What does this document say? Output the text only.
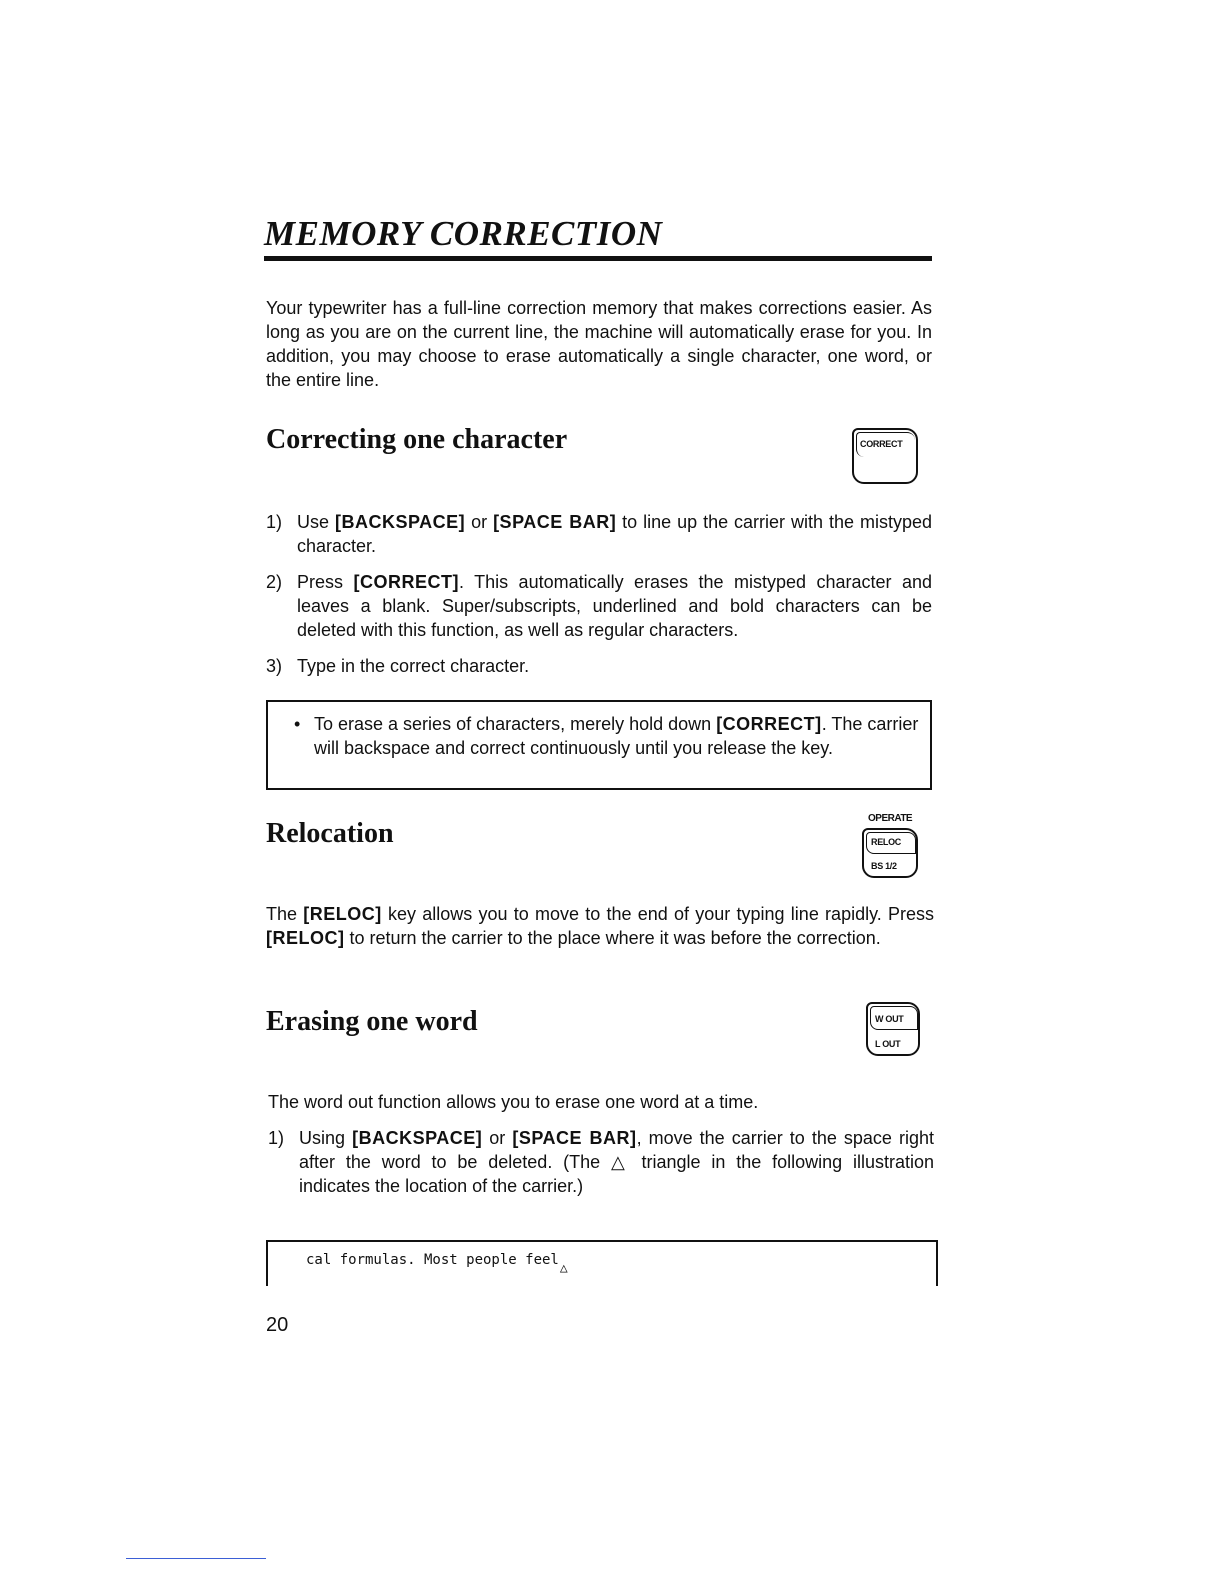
MEMORY CORRECTION

Your typewriter has a full-line correction memory that makes corrections easier. As long as you are on the current line, the machine will automatically erase for you. In addition, you may choose to erase automatically a single character, one word, or the entire line.

Correcting one character	CORRECT
1) Use [BACKSPACE] or [SPACE BAR] to line up the carrier with the mistyped character.
2) Press [CORRECT]. This automatically erases the mistyped character and leaves a blank. Super/subscripts, underlined and bold characters can be deleted with this function, as well as regular characters.
3) Type in the correct character.

• To erase a series of characters, merely hold down [CORRECT]. The carrier will backspace and correct continuously until you release the key.

Relocation	OPERATE
RELOC
BS 1/2

The [RELOC] key allows you to move to the end of your typing line rapidly. Press [RELOC] to return the carrier to the place where it was before the correction.

Erasing one word	W OUT
L OUT

The word out function allows you to erase one word at a time.

1) Using [BACKSPACE] or [SPACE BAR], move the carrier to the space right after the word to be deleted. (The △ triangle in the following illustration indicates the location of the carrier.)
cal formulas. Most people feel△

20
